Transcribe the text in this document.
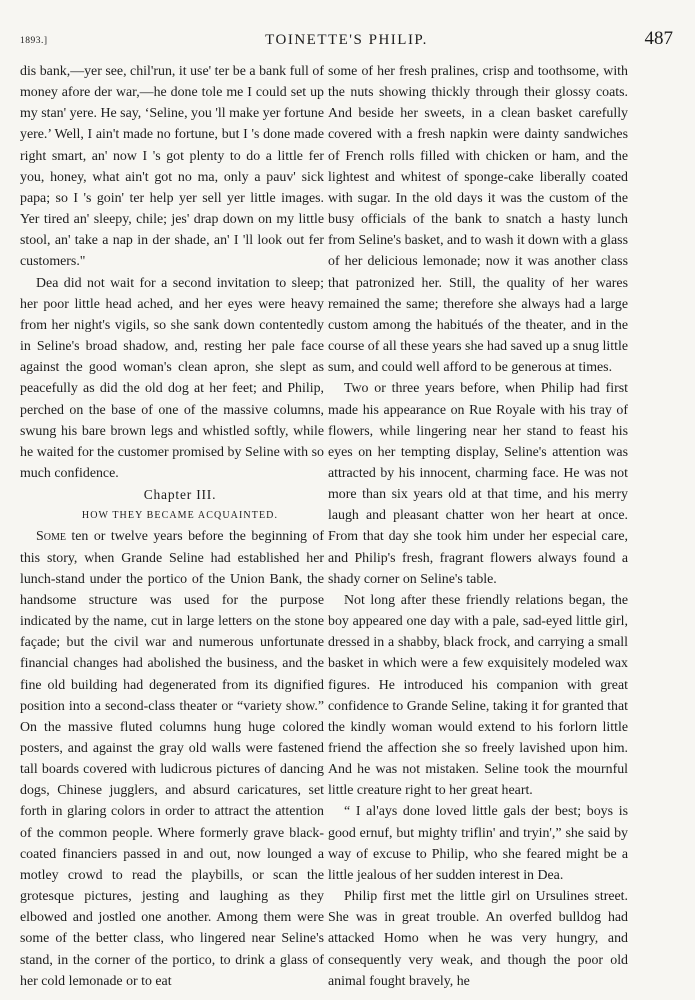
1893.]	TOINETTE'S PHILIP.	487

dis bank,—yer see, chil'run, it use' ter be a bank full of money afore der war,—he done tole me I could set up my stan' yere. He say, ‘Seline, you 'll make yer fortune yere.’ Well, I ain't made no fortune, but I 's done made right smart, an' now I 's got plenty to do a little fer you, honey, what ain't got no ma, only a pauv' sick papa; so I 's goin' ter help yer sell yer little images. Yer tired an' sleepy, chile; jes' drap down on my little stool, an' take a nap in der shade, an' I 'll look out fer customers."

Dea did not wait for a second invitation to sleep; her poor little head ached, and her eyes were heavy from her night's vigils, so she sank down contentedly in Seline's broad shadow, and, resting her pale face against the good woman's clean apron, she slept as peacefully as did the old dog at her feet; and Philip, perched on the base of one of the massive columns, swung his bare brown legs and whistled softly, while he waited for the customer promised by Seline with so much confidence.

Chapter III.

HOW THEY BECAME ACQUAINTED.

Some ten or twelve years before the beginning of this story, when Grande Seline had established her lunch-stand under the portico of the Union Bank, the handsome structure was used for the purpose indicated by the name, cut in large letters on the stone façade; but the civil war and numerous unfortunate financial changes had abolished the business, and the fine old building had degenerated from its dignified position into a second-class theater or “variety show.” On the massive fluted columns hung huge colored posters, and against the gray old walls were fastened tall boards covered with ludicrous pictures of dancing dogs, Chinese jugglers, and absurd caricatures, set forth in glaring colors in order to attract the attention of the common people. Where formerly grave black-coated financiers passed in and out, now lounged a motley crowd to read the playbills, or scan the grotesque pictures, jesting and laughing as they elbowed and jostled one another. Among them were some of the better class, who lingered near Seline's stand, in the corner of the portico, to drink a glass of her cold lemonade or to eat

some of her fresh pralines, crisp and toothsome, with the nuts showing thickly through their glossy coats. And beside her sweets, in a clean basket carefully covered with a fresh napkin were dainty sandwiches of French rolls filled with chicken or ham, and the lightest and whitest of sponge-cake liberally coated with sugar. In the old days it was the custom of the busy officials of the bank to snatch a hasty lunch from Seline's basket, and to wash it down with a glass of her delicious lemonade; now it was another class that patronized her. Still, the quality of her wares remained the same; therefore she always had a large custom among the habitués of the theater, and in the course of all these years she had saved up a snug little sum, and could well afford to be generous at times.

Two or three years before, when Philip had first made his appearance on Rue Royale with his tray of flowers, while lingering near her stand to feast his eyes on her tempting display, Seline's attention was attracted by his innocent, charming face. He was not more than six years old at that time, and his merry laugh and pleasant chatter won her heart at once. From that day she took him under her especial care, and Philip's fresh, fragrant flowers always found a shady corner on Seline's table.

Not long after these friendly relations began, the boy appeared one day with a pale, sad-eyed little girl, dressed in a shabby, black frock, and carrying a small basket in which were a few exquisitely modeled wax figures. He introduced his companion with great confidence to Grande Seline, taking it for granted that the kindly woman would extend to his forlorn little friend the affection she so freely lavished upon him. And he was not mistaken. Seline took the mournful little creature right to her great heart.

“ I al'ays done loved little gals der best; boys is good ernuf, but mighty triflin' and tryin',” she said by way of excuse to Philip, who she feared might be a little jealous of her sudden interest in Dea.

Philip first met the little girl on Ursulines street. She was in great trouble. An overfed bulldog had attacked Homo when he was very hungry, and consequently very weak, and though the poor old animal fought bravely, he
